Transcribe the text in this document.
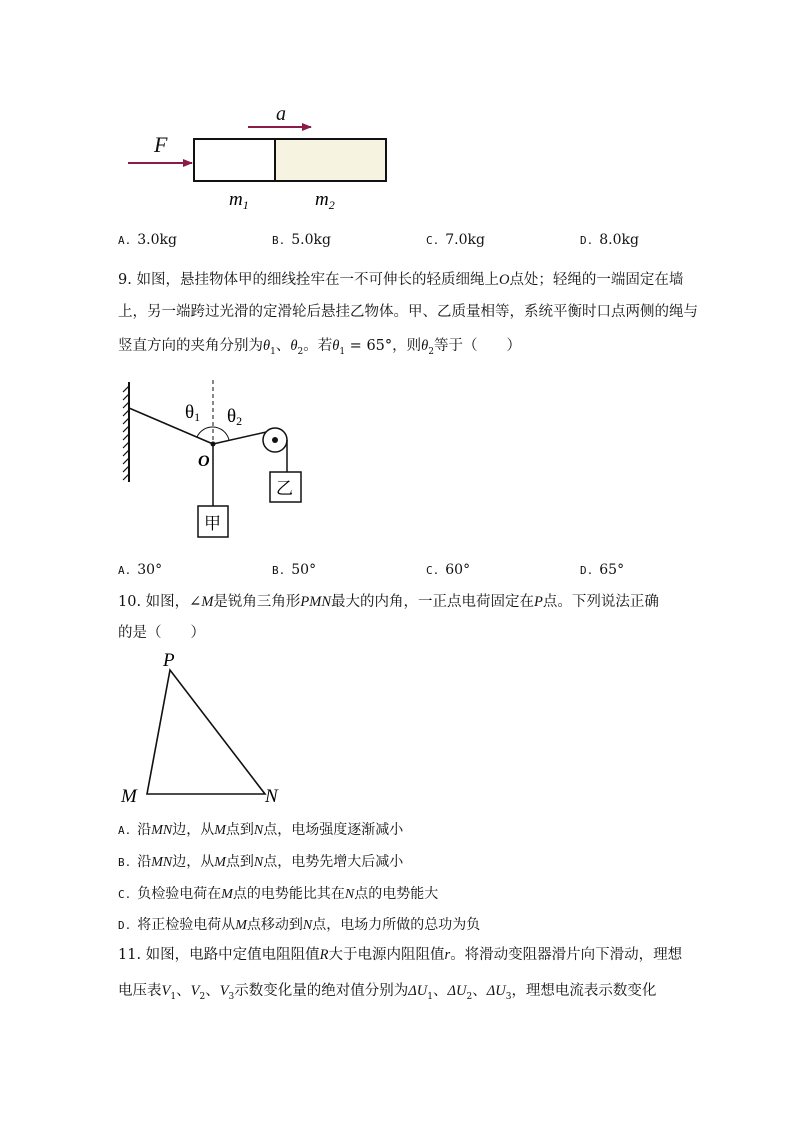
a
F
$m_1$	$m_2$
A. 3.0kg	B. 5.0kg	C. 7.0kg	D. 8.0kg
9. 如图，悬挂物体甲的细线拴牢在一不可伸长的轻质细绳上O点处；轻绳的一端固定在墙
上，另一端跨过光滑的定滑轮后悬挂乙物体。甲、乙质量相等，系统平衡时口点两侧的绳与
竖直方向的夹角分别为$\theta_1$、$\theta_2$。若$\theta_1 = 65^\circ$，则$\theta_2$等于（　　）
θ1 θ2
O
甲
乙
A. 30°	B. 50°	C. 60°	D. 65°
10. 如图，∠M是锐角三角形PMN最大的内角，一正点电荷固定在P点。下列说法正确
的是（　　）
P
M	N
A. 沿MN边，从M点到N点，电场强度逐渐减小
B. 沿MN边，从M点到N点，电势先增大后减小
C. 负检验电荷在M点的电势能比其在N点的电势能大
D. 将正检验电荷从M点移动到N点，电场力所做的总功为负
11. 如图，电路中定值电阻阻值R大于电源内阻阻值r。将滑动变阻器滑片向下滑动，理想
电压表$V_1$、$V_2$、$V_3$示数变化量的绝对值分别为$\Delta U_1$、$\Delta U_2$、$\Delta U_3$，理想电流表示数变化
